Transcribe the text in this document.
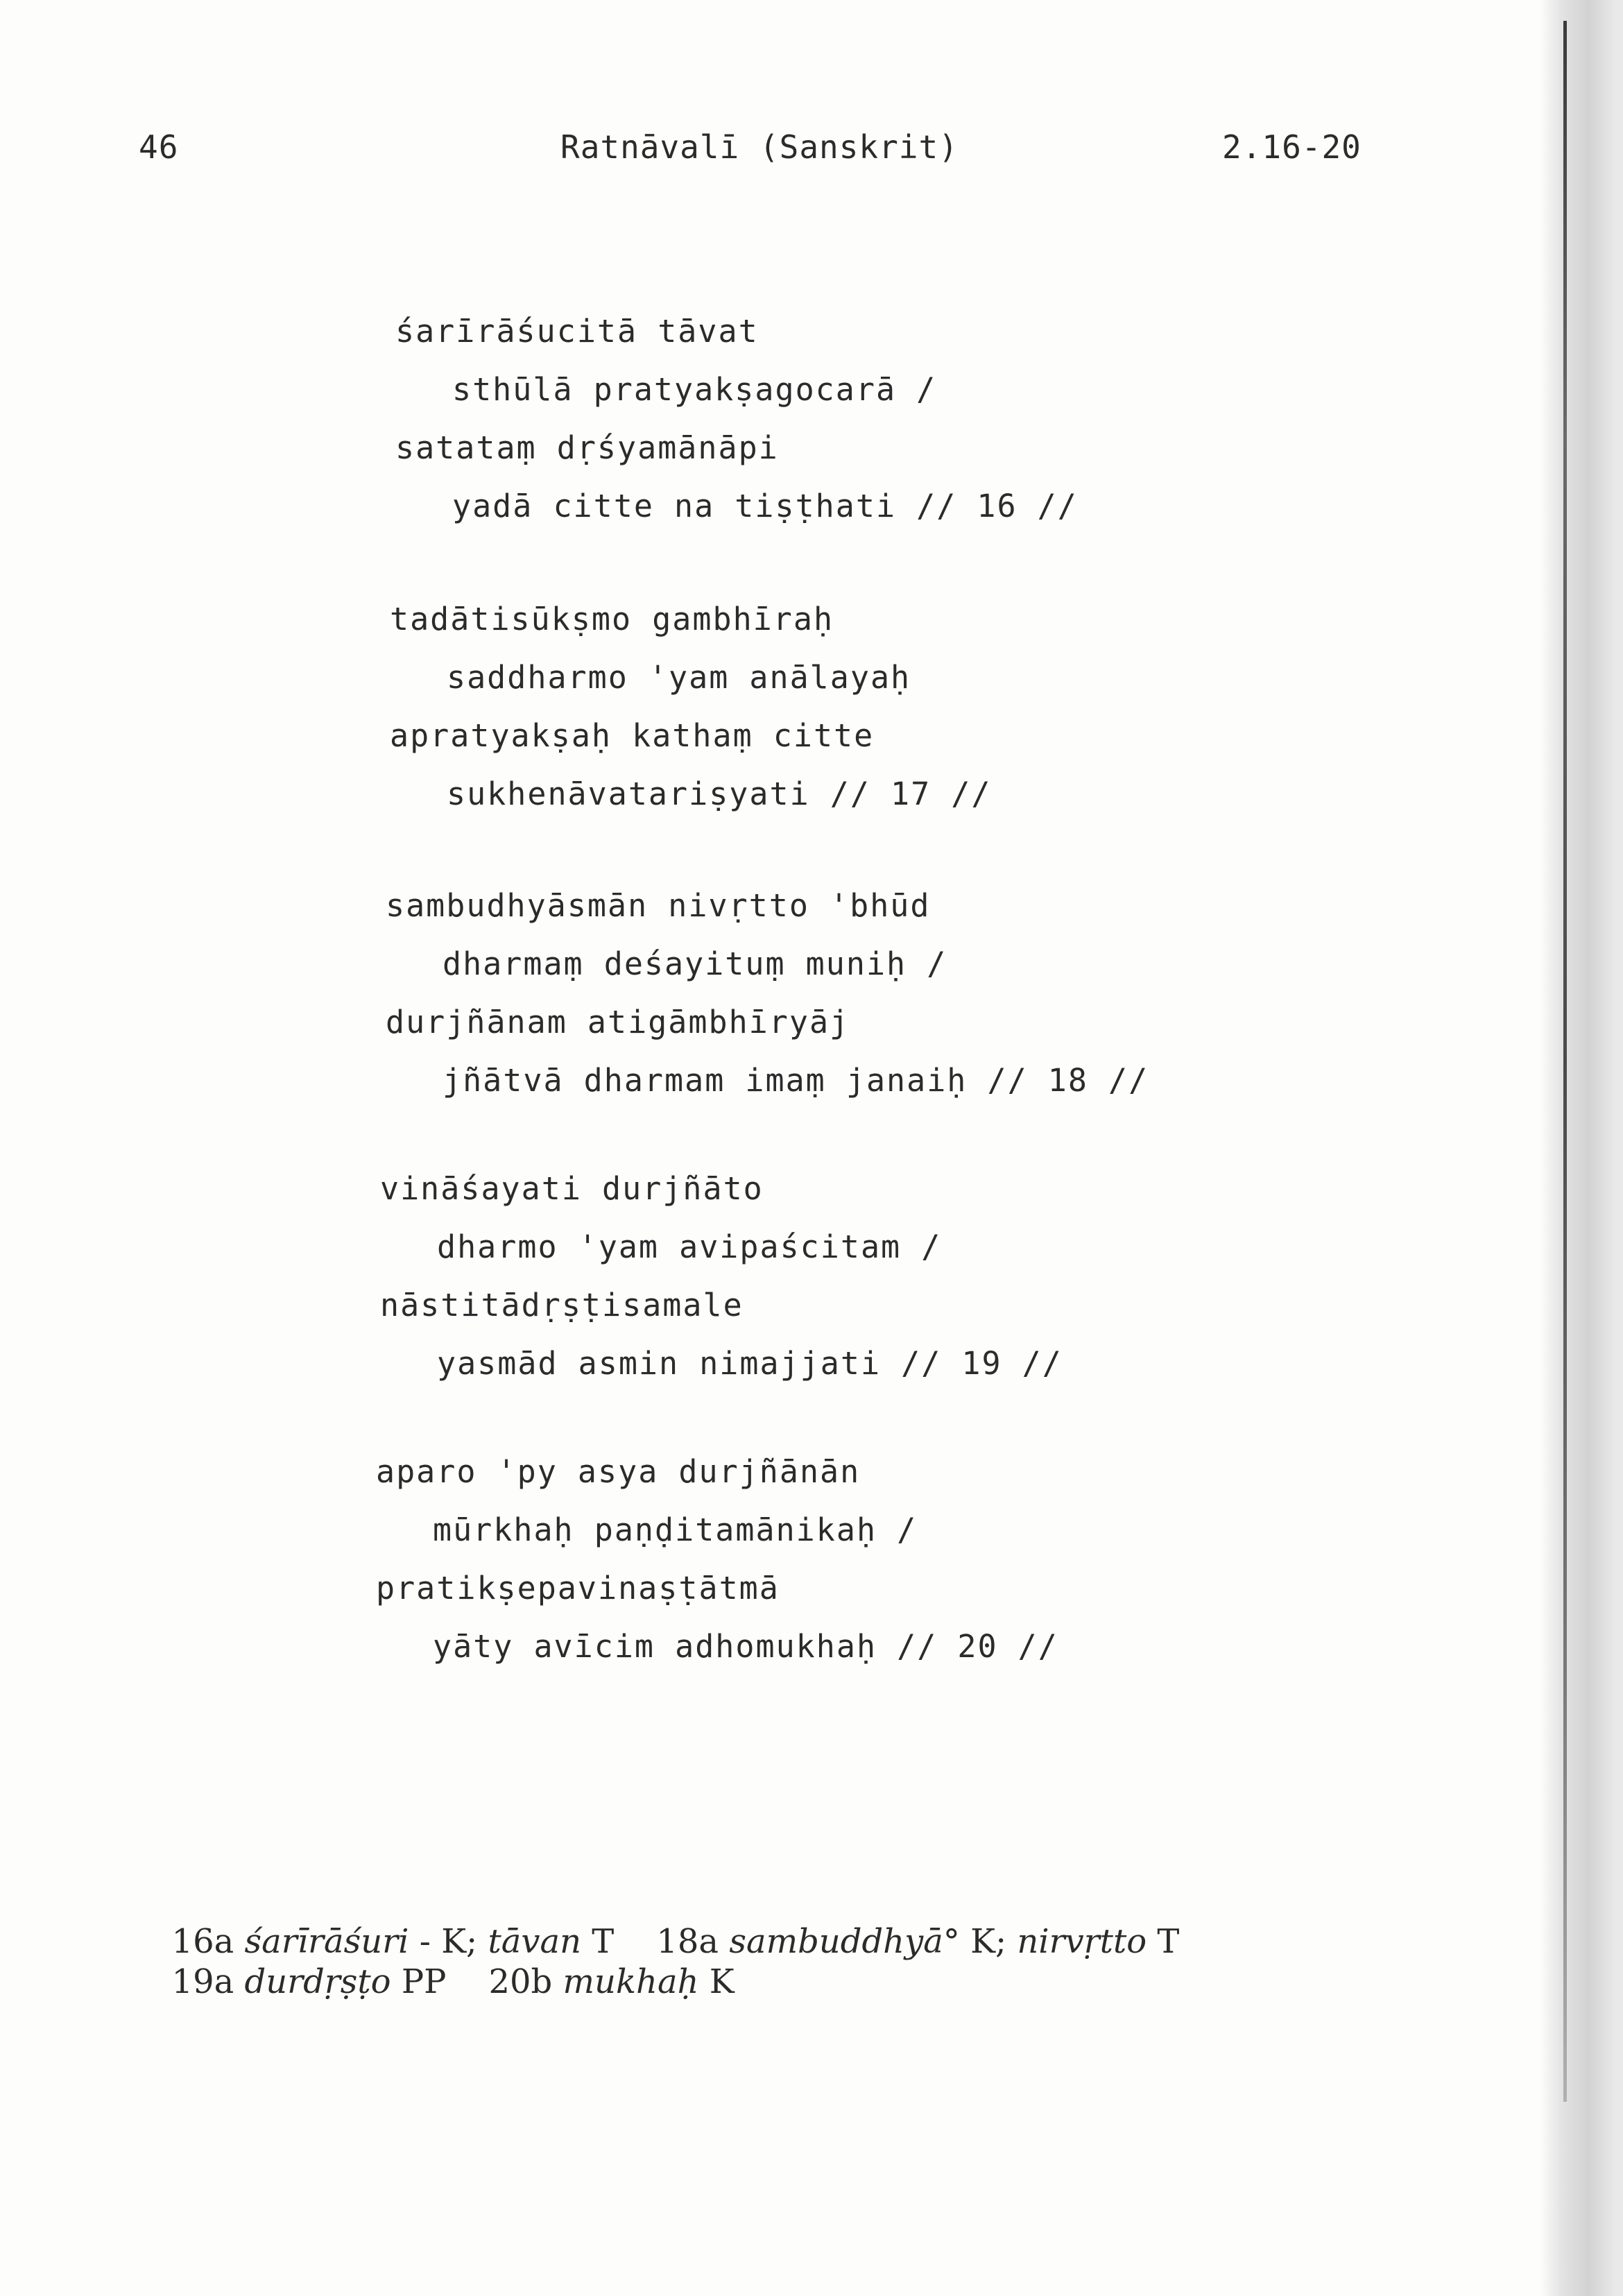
46	Ratnāvalī (Sanskrit)	2.16-20
śarīrāśucitā tāvat
sthūlā pratyakṣagocarā /
satataṃ dṛśyamānāpi
yadā citte na tiṣṭhati // 16 //
tadātisūkṣmo gambhīraḥ
saddharmo 'yam anālayaḥ
apratyakṣaḥ kathaṃ citte
sukhenāvatariṣyati // 17 //
sambudhyāsmān nivṛtto 'bhūd
dharmaṃ deśayituṃ muniḥ /
durjñānam atigāmbhīryāj
jñātvā dharmam imaṃ janaiḥ // 18 //
vināśayati durjñāto
dharmo 'yam avipaścitam /
nāstitādṛṣṭisamale
yasmād asmin nimajjati // 19 //
aparo 'py asya durjñānān
mūrkhaḥ paṇḍitamānikaḥ /
pratikṣepavinaṣṭātmā
yāty avīcim adhomukhaḥ // 20 //

16a śarīrāśuri - K; tāvan T    18a sambuddhyā° K; nirvṛtto T

19a durdṛṣṭo PP    20b mukhaḥ K
